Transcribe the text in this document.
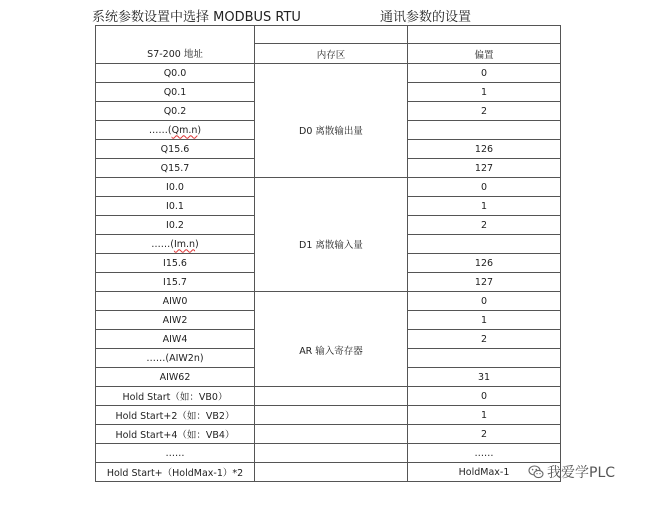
系统参数设置中选择 MODBUS RTU	通讯参数的设置
S7-200 地址		
	内存区	偏置
Q0.0	D0 离散输出量	0
Q0.1		1
Q0.2		2
……(Qm.n)		
Q15.6		126
Q15.7		127
I0.0	D1 离散输入量	0
I0.1		1
I0.2		2
……(Im.n)		
I15.6		126
I15.7		127
AIW0	AR 输入寄存器	0
AIW2		1
AIW4		2
……(AIW2n)		
AIW62		31
Hold Start（如：VB0）		0
Hold Start+2（如：VB2）		1
Hold Start+4（如：VB4）		2
……		……
Hold Start+（HoldMax-1）*2		HoldMax-1	我爱学PLC
